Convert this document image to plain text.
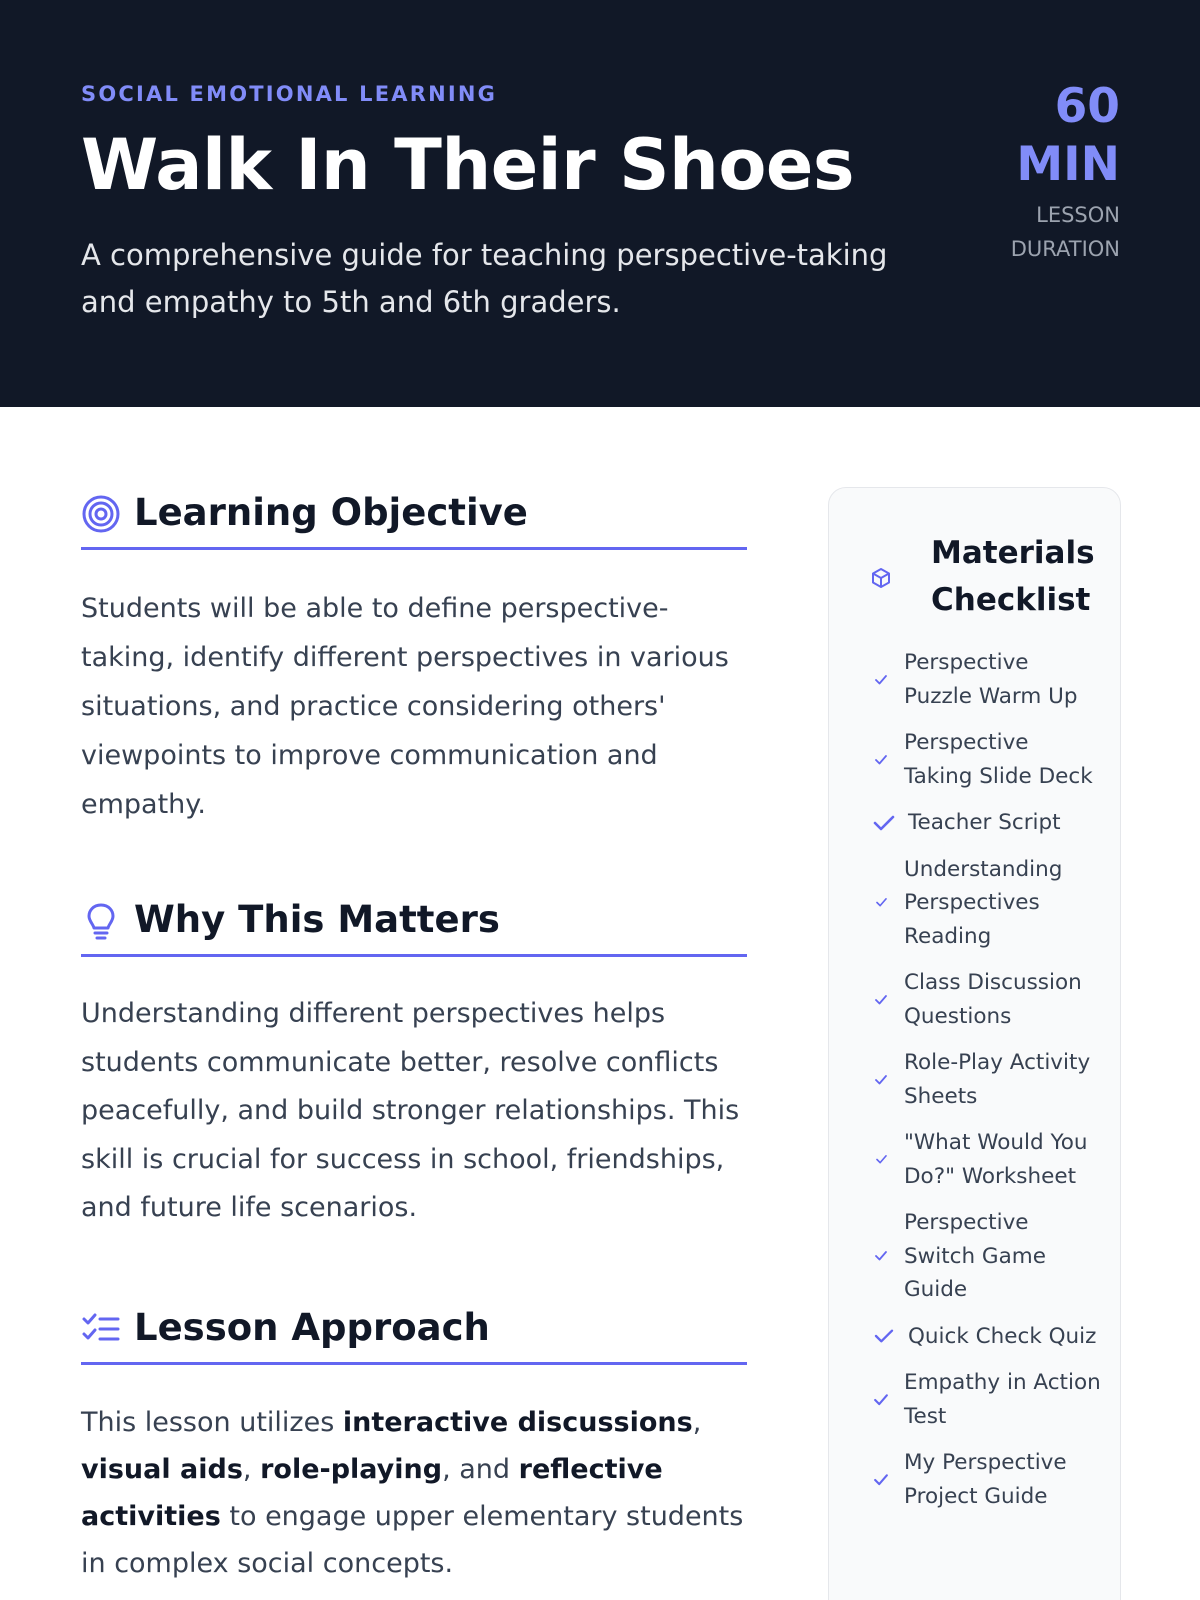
SOCIAL EMOTIONAL LEARNING
Walk In Their Shoes

A comprehensive guide for teaching perspective-taking and empathy to 5th and 6th graders.

60
MIN
LESSON
DURATION
Learning Objective

Students will be able to define perspective-taking, identify different perspectives in various situations, and practice considering others' viewpoints to improve communication and empathy.

Why This Matters

Understanding different perspectives helps students communicate better, resolve conflicts peacefully, and build stronger relationships. This skill is crucial for success in school, friendships, and future life scenarios.

Lesson Approach

This lesson utilizes interactive discussions, visual aids, role-playing, and reflective activities to engage upper elementary students in complex social concepts.

Materials Checklist
Perspective Puzzle Warm Up
Perspective Taking Slide Deck
Teacher Script
Understanding Perspectives Reading
Class Discussion Questions
Role-Play Activity Sheets
"What Would You Do?" Worksheet
Perspective Switch Game Guide
Quick Check Quiz
Empathy in Action Test
My Perspective Project Guide
